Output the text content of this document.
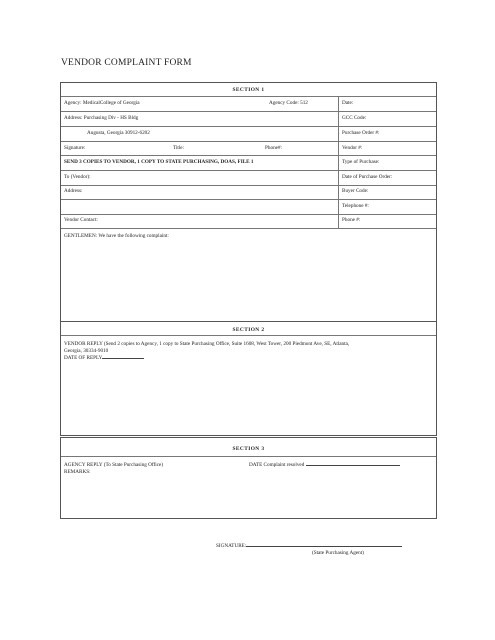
VENDOR COMPLAINT FORM
SECTION 1
Agency: MedicalCollege of Georgia	Agency Code: 512	Date:
Address: Purchasing Div - HS Bldg	GCC Code:
Augusta, Georgia 30912-6202	Purchase Order #:
Signature:	Title:	Phone#:	Vendor #:
SEND 3 COPIES TO VENDOR, 1 COPY TO STATE PURCHASING, DOAS, FILE 1	Type of Purchase:
To (Vendor):	Date of Purchase Order:
Address:	Buyer Code:
Telephone #:
Vendor Contact:	Phone #:
GENTLEMEN: We have the following complaint:
SECTION 2
VENDOR REPLY (Send 2 copies to Agency, 1 copy to State Purchasing Office, Suite 1608, West Tower, 200 Piedmont Ave, SE, Atlanta,
Georgia, 30334-9010
DATE OF REPLY
SECTION 3
AGENCY REPLY (To State Purchasing Office)	DATE Complaint resolved
REMARKS:
SIGNATURE:
(State Purchasing Agent)
